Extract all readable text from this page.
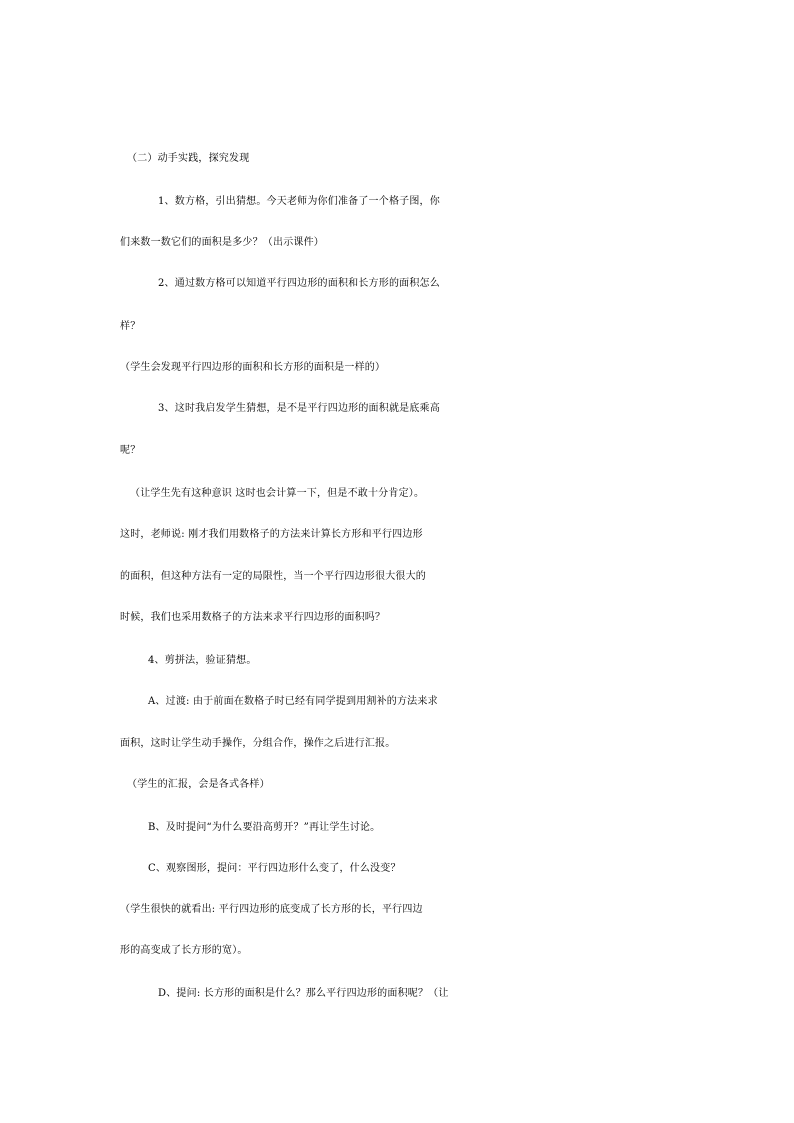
（二）动手实践，探究发现
1、数方格，引出猜想。今天老师为你们准备了一个格子图，你
们来数一数它们的面积是多少？（出示课件）
2、通过数方格可以知道平行四边形的面积和长方形的面积怎么
样？
（学生会发现平行四边形的面积和长方形的面积是一样的）
3、这时我启发学生猜想，是不是平行四边形的面积就是底乘高
呢？
（让学生先有这种意识 这时也会计算一下，但是不敢十分肯定）。
这时，老师说: 刚才我们用数格子的方法来计算长方形和平行四边形
的面积，但这种方法有一定的局限性，当一个平行四边形很大很大的
时候，我们也采用数格子的方法来求平行四边形的面积吗？
4、剪拼法，验证猜想。
A、过渡: 由于前面在数格子时已经有同学提到用割补的方法来求
面积，这时让学生动手操作，分组合作，操作之后进行汇报。
（学生的汇报，会是各式各样）
B、及时提问“为什么要沿高剪开？”再让学生讨论。
C、观察图形，提问：平行四边形什么变了，什么没变？
（学生很快的就看出: 平行四边形的底变成了长方形的长，平行四边
形的高变成了长方形的宽）。
D、提问: 长方形的面积是什么？那么平行四边形的面积呢？（让
